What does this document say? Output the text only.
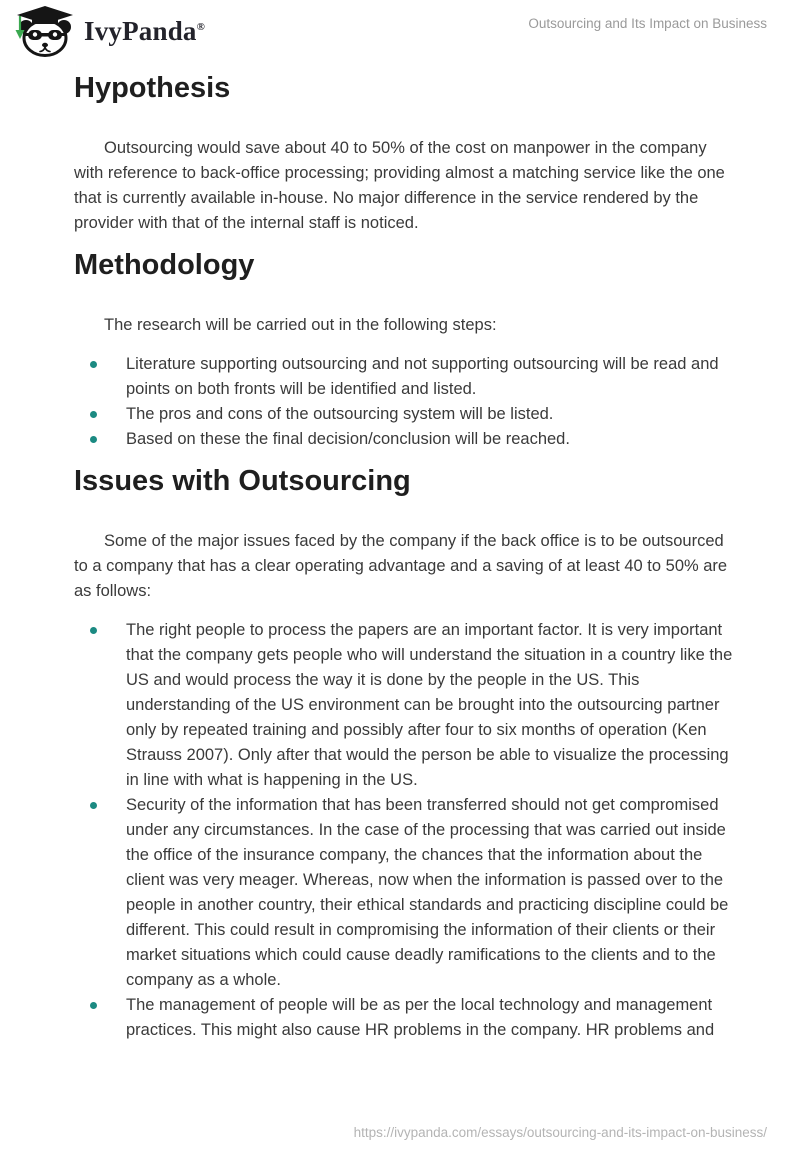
IvyPanda®	Outsourcing and Its Impact on Business
Hypothesis

Outsourcing would save about 40 to 50% of the cost on manpower in the company with reference to back-office processing; providing almost a matching service like the one that is currently available in-house. No major difference in the service rendered by the provider with that of the internal staff is noticed.

Methodology

The research will be carried out in the following steps:

Literature supporting outsourcing and not supporting outsourcing will be read and points on both fronts will be identified and listed.
The pros and cons of the outsourcing system will be listed.
Based on these the final decision/conclusion will be reached.
Issues with Outsourcing

Some of the major issues faced by the company if the back office is to be outsourced to a company that has a clear operating advantage and a saving of at least 40 to 50% are as follows:

The right people to process the papers are an important factor. It is very important that the company gets people who will understand the situation in a country like the US and would process the way it is done by the people in the US. This understanding of the US environment can be brought into the outsourcing partner only by repeated training and possibly after four to six months of operation (Ken Strauss 2007). Only after that would the person be able to visualize the processing in line with what is happening in the US.
Security of the information that has been transferred should not get compromised under any circumstances. In the case of the processing that was carried out inside the office of the insurance company, the chances that the information about the client was very meager. Whereas, now when the information is passed over to the people in another country, their ethical standards and practicing discipline could be different. This could result in compromising the information of their clients or their market situations which could cause deadly ramifications to the clients and to the company as a whole.
The management of people will be as per the local technology and management practices. This might also cause HR problems in the company. HR problems and
https://ivypanda.com/essays/outsourcing-and-its-impact-on-business/
